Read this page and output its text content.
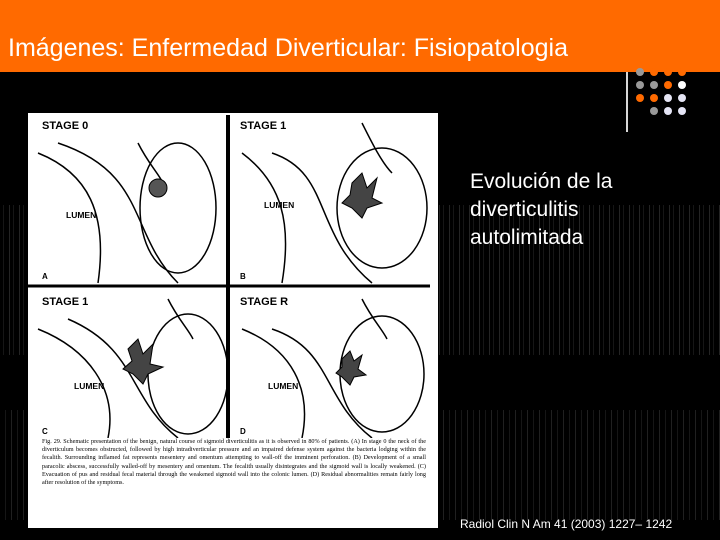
Imágenes: Enfermedad Diverticular: Fisiopatologia
STAGE 0
LUMEN
A
STAGE 1
LUMEN
B
STAGE 1
LUMEN
C
STAGE R
LUMEN
D
Fig. 29. Schematic presentation of the benign, natural course of sigmoid diverticulitis as it is observed in 80% of patients. (A) In stage 0 the neck of the diverticulum becomes obstructed, followed by high intradiverticular pressure and an impaired defense system against the bacteria lodging within the fecalith. Surrounding inflamed fat represents mesentery and omentum attempting to wall-off the imminent perforation. (B) Development of a small paracolic abscess, successfully walled-off by mesentery and omentum. The fecalith usually disintegrates and the sigmoid wall is locally weakened. (C) Evacuation of pus and residual fecal material through the weakened sigmoid wall into the colonic lumen. (D) Residual abnormalities remain fairly long after resolution of the symptoms.
Evolución de la
diverticulitis
autolimitada
Radiol Clin N Am 41 (2003) 1227– 1242
